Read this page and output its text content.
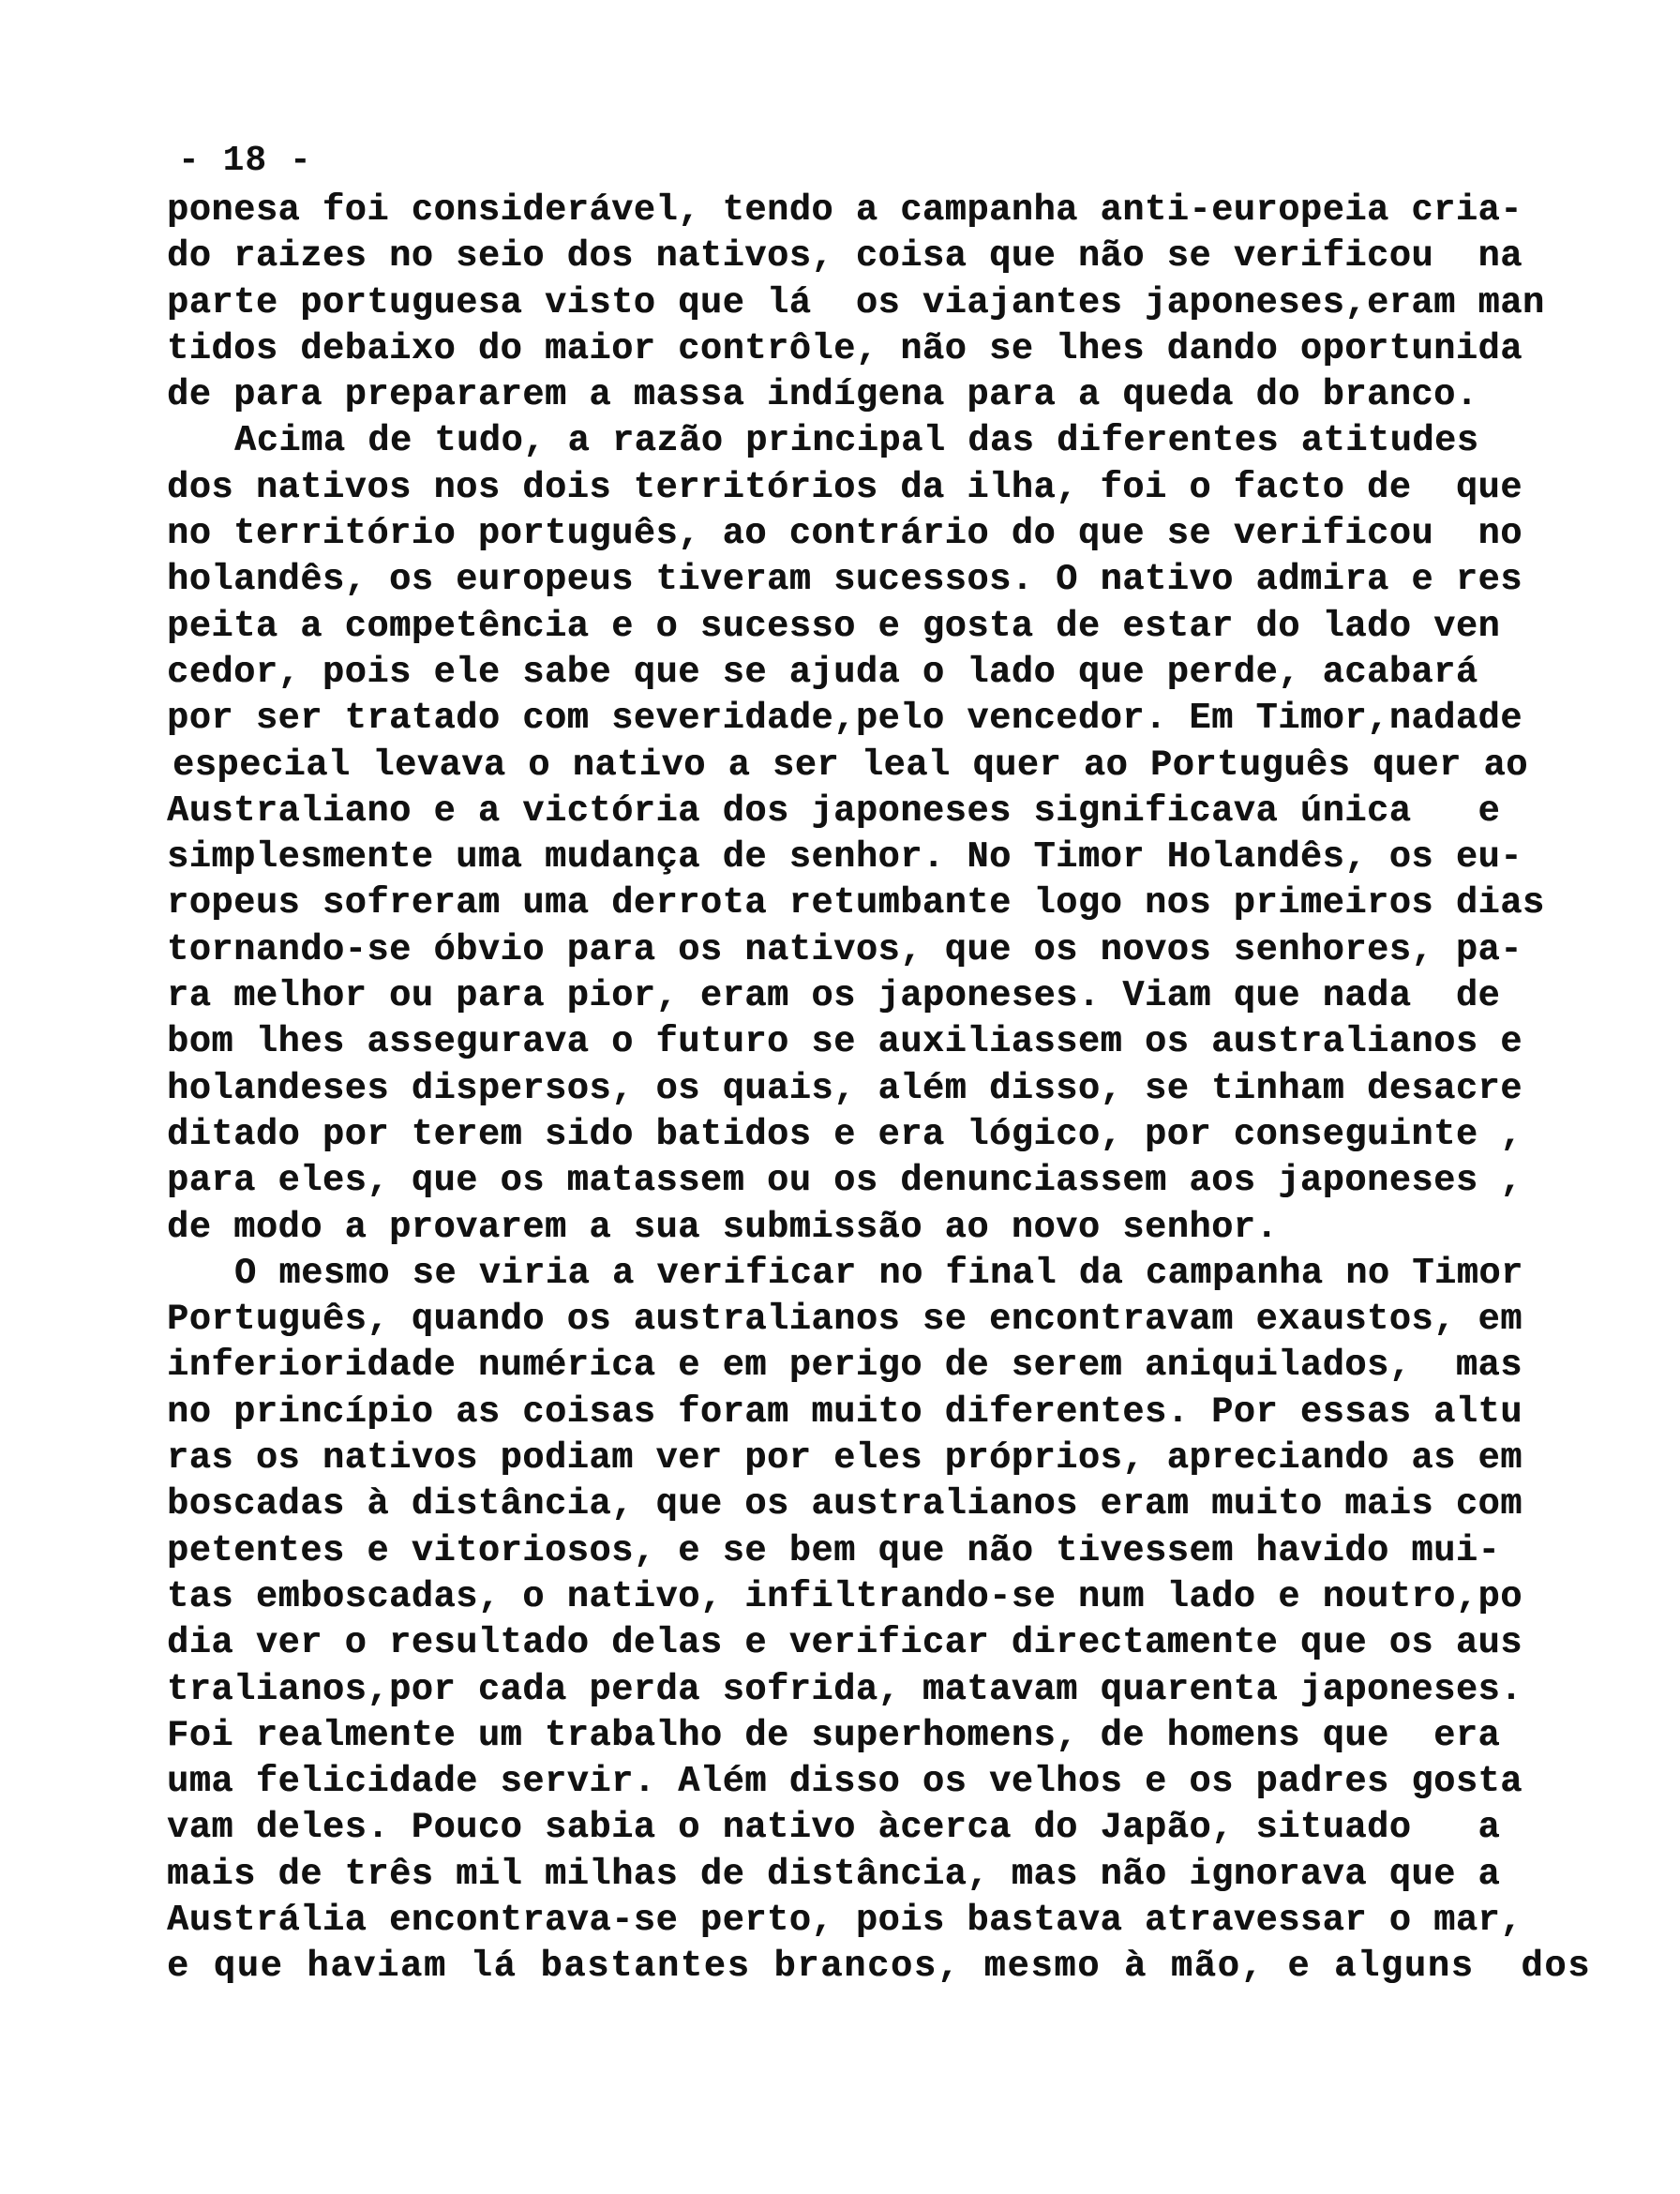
- 18 -
ponesa foi considerável, tendo a campanha anti-europeia cria-
do raizes no seio dos nativos, coisa que não se verificou  na
parte portuguesa visto que lá  os viajantes japoneses,eram man
tidos debaixo do maior contrôle, não se lhes dando oportunida
de para prepararem a massa indígena para a queda do branco.
Acima de tudo, a razão principal das diferentes atitudes
dos nativos nos dois territórios da ilha, foi o facto de  que
no território português, ao contrário do que se verificou  no
holandês, os europeus tiveram sucessos. O nativo admira e res
peita a competência e o sucesso e gosta de estar do lado ven
cedor, pois ele sabe que se ajuda o lado que perde, acabará
por ser tratado com severidade,pelo vencedor. Em Timor,nadade
especial levava o nativo a ser leal quer ao Português quer ao
Australiano e a victória dos japoneses significava única   e
simplesmente uma mudança de senhor. No Timor Holandês, os eu-
ropeus sofreram uma derrota retumbante logo nos primeiros dias
tornando-se óbvio para os nativos, que os novos senhores, pa-
ra melhor ou para pior, eram os japoneses. Viam que nada  de
bom lhes assegurava o futuro se auxiliassem os australianos e
holandeses dispersos, os quais, além disso, se tinham desacre
ditado por terem sido batidos e era lógico, por conseguinte ,
para eles, que os matassem ou os denunciassem aos japoneses ,
de modo a provarem a sua submissão ao novo senhor.
O mesmo se viria a verificar no final da campanha no Timor
Português, quando os australianos se encontravam exaustos, em
inferioridade numérica e em perigo de serem aniquilados,  mas
no princípio as coisas foram muito diferentes. Por essas altu
ras os nativos podiam ver por eles próprios, apreciando as em
boscadas à distância, que os australianos eram muito mais com
petentes e vitoriosos, e se bem que não tivessem havido mui-
tas emboscadas, o nativo, infiltrando-se num lado e noutro,po
dia ver o resultado delas e verificar directamente que os aus
tralianos,por cada perda sofrida, matavam quarenta japoneses.
Foi realmente um trabalho de superhomens, de homens que  era
uma felicidade servir. Além disso os velhos e os padres gosta
vam deles. Pouco sabia o nativo àcerca do Japão, situado   a
mais de três mil milhas de distância, mas não ignorava que a
Austrália encontrava-se perto, pois bastava atravessar o mar,
e que haviam lá bastantes brancos, mesmo à mão, e alguns  dos
